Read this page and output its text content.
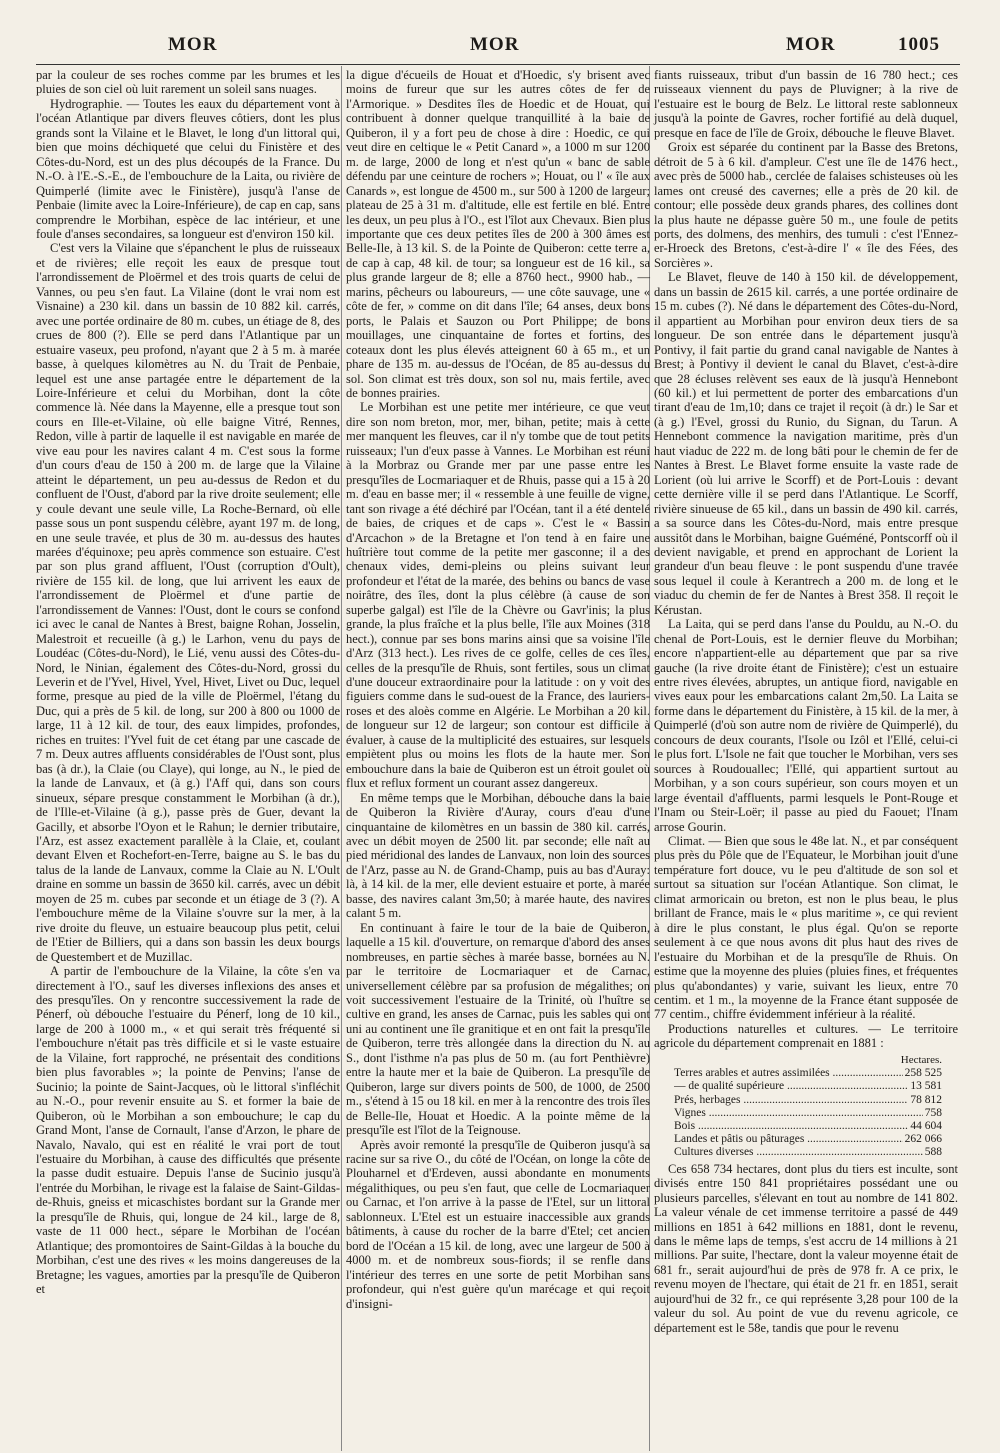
MOR	MOR	MOR	1005

par la couleur de ses roches comme par les brumes et les pluies de son ciel où luit rarement un soleil sans nuages.

Hydrographie. — Toutes les eaux du département vont à l'océan Atlantique par divers fleuves côtiers, dont les plus grands sont la Vilaine et le Blavet, le long d'un littoral qui, bien que moins déchiqueté que celui du Finistère et des Côtes-du-Nord, est un des plus découpés de la France. Du N.-O. à l'E.-S.-E., de l'embouchure de la Laita, ou rivière de Quimperlé (limite avec le Finistère), jusqu'à l'anse de Penbaie (limite avec la Loire-Inférieure), de cap en cap, sans comprendre le Morbihan, espèce de lac intérieur, et une foule d'anses secondaires, sa longueur est d'environ 150 kil.

C'est vers la Vilaine que s'épanchent le plus de ruisseaux et de rivières; elle reçoit les eaux de presque tout l'arrondissement de Ploërmel et des trois quarts de celui de Vannes, ou peu s'en faut. La Vilaine (dont le vrai nom est Visnaine) a 230 kil. dans un bassin de 10 882 kil. carrés, avec une portée ordinaire de 80 m. cubes, un étiage de 8, des crues de 800 (?). Elle se perd dans l'Atlantique par un estuaire vaseux, peu profond, n'ayant que 2 à 5 m. à marée basse, à quelques kilomètres au N. du Trait de Penbaie, lequel est une anse partagée entre le département de la Loire-Inférieure et celui du Morbihan, dont la côte commence là. Née dans la Mayenne, elle a presque tout son cours en Ille-et-Vilaine, où elle baigne Vitré, Rennes, Redon, ville à partir de laquelle il est navigable en marée de vive eau pour les navires calant 4 m. C'est sous la forme d'un cours d'eau de 150 à 200 m. de large que la Vilaine atteint le département, un peu au-dessus de Redon et du confluent de l'Oust, d'abord par la rive droite seulement; elle y coule devant une seule ville, La Roche-Bernard, où elle passe sous un pont suspendu célèbre, ayant 197 m. de long, en une seule travée, et plus de 30 m. au-dessus des hautes marées d'équinoxe; peu après commence son estuaire. C'est par son plus grand affluent, l'Oust (corruption d'Oult), rivière de 155 kil. de long, que lui arrivent les eaux de l'arrondissement de Ploërmel et d'une partie de l'arrondissement de Vannes: l'Oust, dont le cours se confond ici avec le canal de Nantes à Brest, baigne Rohan, Josselin, Malestroit et recueille (à g.) le Larhon, venu du pays de Loudéac (Côtes-du-Nord), le Lié, venu aussi des Côtes-du-Nord, le Ninian, également des Côtes-du-Nord, grossi du Leverin et de l'Yvel, Hivel, Yvel, Hivet, Livet ou Duc, lequel forme, presque au pied de la ville de Ploërmel, l'étang du Duc, qui a près de 5 kil. de long, sur 200 à 800 ou 1000 de large, 11 à 12 kil. de tour, des eaux limpides, profondes, riches en truites: l'Yvel fuit de cet étang par une cascade de 7 m. Deux autres affluents considérables de l'Oust sont, plus bas (à dr.), la Claie (ou Claye), qui longe, au N., le pied de la lande de Lanvaux, et (à g.) l'Aff qui, dans son cours sinueux, sépare presque constamment le Morbihan (à dr.), de l'Ille-et-Vilaine (à g.), passe près de Guer, devant la Gacilly, et absorbe l'Oyon et le Rahun; le dernier tributaire, l'Arz, est assez exactement parallèle à la Claie, et, coulant devant Elven et Rochefort-en-Terre, baigne au S. le bas du talus de la lande de Lanvaux, comme la Claie au N. L'Oult draine en somme un bassin de 3650 kil. carrés, avec un débit moyen de 25 m. cubes par seconde et un étiage de 3 (?). A l'embouchure même de la Vilaine s'ouvre sur la mer, à la rive droite du fleuve, un estuaire beaucoup plus petit, celui de l'Etier de Billiers, qui a dans son bassin les deux bourgs de Questembert et de Muzillac.

A partir de l'embouchure de la Vilaine, la côte s'en va directement à l'O., sauf les diverses inflexions des anses et des presqu'îles. On y rencontre successivement la rade de Pénerf, où débouche l'estuaire du Pénerf, long de 10 kil., large de 200 à 1000 m., « et qui serait très fréquenté si l'embouchure n'était pas très difficile et si le vaste estuaire de la Vilaine, fort rapproché, ne présentait des conditions bien plus favorables »; la pointe de Penvins; l'anse de Sucinio; la pointe de Saint-Jacques, où le littoral s'infléchit au N.-O., pour revenir ensuite au S. et former la baie de Quiberon, où le Morbihan a son embouchure; le cap du Grand Mont, l'anse de Cornault, l'anse d'Arzon, le phare de Navalo, Navalo, qui est en réalité le vrai port de tout l'estuaire du Morbihan, à cause des difficultés que présente la passe dudit estuaire. Depuis l'anse de Sucinio jusqu'à l'entrée du Morbihan, le rivage est la falaise de Saint-Gildas-de-Rhuis, gneiss et micaschistes bordant sur la Grande mer la presqu'île de Rhuis, qui, longue de 24 kil., large de 8, vaste de 11 000 hect., sépare le Morbihan de l'océan Atlantique; des promontoires de Saint-Gildas à la bouche du Morbihan, c'est une des rives « les moins dangereuses de la Bretagne; les vagues, amorties par la presqu'île de Quiberon et

la digue d'écueils de Houat et d'Hoedic, s'y brisent avec moins de fureur que sur les autres côtes de fer de l'Armorique. » Desdites îles de Hoedic et de Houat, qui contribuent à donner quelque tranquillité à la baie de Quiberon, il y a fort peu de chose à dire : Hoedic, ce qui veut dire en celtique le « Petit Canard », a 1000 m sur 1200 m. de large, 2000 de long et n'est qu'un « banc de sable défendu par une ceinture de rochers »; Houat, ou l' « île aux Canards », est longue de 4500 m., sur 500 à 1200 de largeur; plateau de 25 à 31 m. d'altitude, elle est fertile en blé. Entre les deux, un peu plus à l'O., est l'îlot aux Chevaux. Bien plus importante que ces deux petites îles de 200 à 300 âmes est Belle-Ile, à 13 kil. S. de la Pointe de Quiberon: cette terre a, de cap à cap, 48 kil. de tour; sa longueur est de 16 kil., sa plus grande largeur de 8; elle a 8760 hect., 9900 hab., — marins, pêcheurs ou laboureurs, — une côte sauvage, une « côte de fer, » comme on dit dans l'île; 64 anses, deux bons ports, le Palais et Sauzon ou Port Philippe; de bons mouillages, une cinquantaine de fortes et fortins, des coteaux dont les plus élevés atteignent 60 à 65 m., et un phare de 135 m. au-dessus de l'Océan, de 85 au-dessus du sol. Son climat est très doux, son sol nu, mais fertile, avec de bonnes prairies.

Le Morbihan est une petite mer intérieure, ce que veut dire son nom breton, mor, mer, bihan, petite; mais à cette mer manquent les fleuves, car il n'y tombe que de tout petits ruisseaux; l'un d'eux passe à Vannes. Le Morbihan est réuni à la Morbraz ou Grande mer par une passe entre les presqu'îles de Locmariaquer et de Rhuis, passe qui a 15 à 20 m. d'eau en basse mer; il « ressemble à une feuille de vigne, tant son rivage a été déchiré par l'Océan, tant il a été dentelé de baies, de criques et de caps ». C'est le « Bassin d'Arcachon » de la Bretagne et l'on tend à en faire une huîtrière tout comme de la petite mer gasconne; il a des chenaux vides, demi-pleins ou pleins suivant leur profondeur et l'état de la marée, des behins ou bancs de vase noirâtre, des îles, dont la plus célèbre (à cause de son superbe galgal) est l'île de la Chèvre ou Gavr'inis; la plus grande, la plus fraîche et la plus belle, l'île aux Moines (318 hect.), connue par ses bons marins ainsi que sa voisine l'île d'Arz (313 hect.). Les rives de ce golfe, celles de ces îles, celles de la presqu'île de Rhuis, sont fertiles, sous un climat d'une douceur extraordinaire pour la latitude : on y voit des figuiers comme dans le sud-ouest de la France, des lauriers-roses et des aloès comme en Algérie. Le Morbihan a 20 kil. de longueur sur 12 de largeur; son contour est difficile à évaluer, à cause de la multiplicité des estuaires, sur lesquels empiètent plus ou moins les flots de la haute mer. Son embouchure dans la baie de Quiberon est un étroit goulet où flux et reflux forment un courant assez dangereux.

En même temps que le Morbihan, débouche dans la baie de Quiberon la Rivière d'Auray, cours d'eau d'une cinquantaine de kilomètres en un bassin de 380 kil. carrés, avec un débit moyen de 2500 lit. par seconde; elle naît au pied méridional des landes de Lanvaux, non loin des sources de l'Arz, passe au N. de Grand-Champ, puis au bas d'Auray: là, à 14 kil. de la mer, elle devient estuaire et porte, à marée basse, des navires calant 3m,50; à marée haute, des navires calant 5 m.

En continuant à faire le tour de la baie de Quiberon, laquelle a 15 kil. d'ouverture, on remarque d'abord des anses nombreuses, en partie sèches à marée basse, bornées au N. par le territoire de Locmariaquer et de Carnac, universellement célèbre par sa profusion de mégalithes; on voit successivement l'estuaire de la Trinité, où l'huître se cultive en grand, les anses de Carnac, puis les sables qui ont uni au continent une île granitique et en ont fait la presqu'île de Quiberon, terre très allongée dans la direction du N. au S., dont l'isthme n'a pas plus de 50 m. (au fort Penthièvre) entre la haute mer et la baie de Quiberon. La presqu'île de Quiberon, large sur divers points de 500, de 1000, de 2500 m., s'étend à 15 ou 18 kil. en mer à la rencontre des trois îles de Belle-Ile, Houat et Hoedic. A la pointe même de la presqu'île est l'îlot de la Teignouse.

Après avoir remonté la presqu'île de Quiberon jusqu'à sa racine sur sa rive O., du côté de l'Océan, on longe la côte de Plouharnel et d'Erdeven, aussi abondante en monuments mégalithiques, ou peu s'en faut, que celle de Locmariaquer ou Carnac, et l'on arrive à la passe de l'Etel, sur un littoral sablonneux. L'Etel est un estuaire inaccessible aux grands bâtiments, à cause du rocher de la barre d'Etel; cet ancien bord de l'Océan a 15 kil. de long, avec une largeur de 500 à 4000 m. et de nombreux sous-fiords; il se renfle dans l'intérieur des terres en une sorte de petit Morbihan sans profondeur, qui n'est guère qu'un marécage et qui reçoit d'insigni-

fiants ruisseaux, tribut d'un bassin de 16 780 hect.; ces ruisseaux viennent du pays de Pluvigner; à la rive de l'estuaire est le bourg de Belz. Le littoral reste sablonneux jusqu'à la pointe de Gavres, rocher fortifié au delà duquel, presque en face de l'île de Groix, débouche le fleuve Blavet.

Groix est séparée du continent par la Basse des Bretons, détroit de 5 à 6 kil. d'ampleur. C'est une île de 1476 hect., avec près de 5000 hab., cerclée de falaises schisteuses où les lames ont creusé des cavernes; elle a près de 20 kil. de contour; elle possède deux grands phares, des collines dont la plus haute ne dépasse guère 50 m., une foule de petits ports, des dolmens, des menhirs, des tumuli : c'est l'Ennez-er-Hroeck des Bretons, c'est-à-dire l' « île des Fées, des Sorcières ».

Le Blavet, fleuve de 140 à 150 kil. de développement, dans un bassin de 2615 kil. carrés, a une portée ordinaire de 15 m. cubes (?). Né dans le département des Côtes-du-Nord, il appartient au Morbihan pour environ deux tiers de sa longueur. De son entrée dans le département jusqu'à Pontivy, il fait partie du grand canal navigable de Nantes à Brest; à Pontivy il devient le canal du Blavet, c'est-à-dire que 28 écluses relèvent ses eaux de là jusqu'à Hennebont (60 kil.) et lui permettent de porter des embarcations d'un tirant d'eau de 1m,10; dans ce trajet il reçoit (à dr.) le Sar et (à g.) l'Evel, grossi du Runio, du Signan, du Tarun. A Hennebont commence la navigation maritime, près d'un haut viaduc de 222 m. de long bâti pour le chemin de fer de Nantes à Brest. Le Blavet forme ensuite la vaste rade de Lorient (où lui arrive le Scorff) et de Port-Louis : devant cette dernière ville il se perd dans l'Atlantique. Le Scorff, rivière sinueuse de 65 kil., dans un bassin de 490 kil. carrés, a sa source dans les Côtes-du-Nord, mais entre presque aussitôt dans le Morbihan, baigne Guéméné, Pontscorff où il devient navigable, et prend en approchant de Lorient la grandeur d'un beau fleuve : le pont suspendu d'une travée sous lequel il coule à Kerantrech a 200 m. de long et le viaduc du chemin de fer de Nantes à Brest 358. Il reçoit le Kérustan.

La Laita, qui se perd dans l'anse du Pouldu, au N.-O. du chenal de Port-Louis, est le dernier fleuve du Morbihan; encore n'appartient-elle au département que par sa rive gauche (la rive droite étant de Finistère); c'est un estuaire entre rives élevées, abruptes, un antique fiord, navigable en vives eaux pour les embarcations calant 2m,50. La Laita se forme dans le département du Finistère, à 15 kil. de la mer, à Quimperlé (d'où son autre nom de rivière de Quimperlé), du concours de deux courants, l'Isole ou Izôl et l'Ellé, celui-ci le plus fort. L'Isole ne fait que toucher le Morbihan, vers ses sources à Roudouallec; l'Ellé, qui appartient surtout au Morbihan, y a son cours supérieur, son cours moyen et un large éventail d'affluents, parmi lesquels le Pont-Rouge et l'Inam ou Steir-Loër; il passe au pied du Faouet; l'Inam arrose Gourin.

Climat. — Bien que sous le 48e lat. N., et par conséquent plus près du Pôle que de l'Equateur, le Morbihan jouit d'une température fort douce, vu le peu d'altitude de son sol et surtout sa situation sur l'océan Atlantique. Son climat, le climat armoricain ou breton, est non le plus beau, le plus brillant de France, mais le « plus maritime », ce qui revient à dire le plus constant, le plus égal. Qu'on se reporte seulement à ce que nous avons dit plus haut des rives de l'estuaire du Morbihan et de la presqu'île de Rhuis. On estime que la moyenne des pluies (pluies fines, et fréquentes plus qu'abondantes) y varie, suivant les lieux, entre 70 centim. et 1 m., la moyenne de la France étant supposée de 77 centim., chiffre évidemment inférieur à la réalité.

Productions naturelles et cultures. — Le territoire agricole du département comprenait en 1881 :

Hectares.
Terres arables et autres assimilées .....	258 525
— de qualité supérieure .....	13 581
Prés, herbages .....	78 812
Vignes .....	758
Bois .....	44 604
Landes et pâtis ou pâturages .....	262 066
Cultures diverses .....	588

Ces 658 734 hectares, dont plus du tiers est inculte, sont divisés entre 150 841 propriétaires possédant une ou plusieurs parcelles, s'élevant en tout au nombre de 141 802. La valeur vénale de cet immense territoire a passé de 449 millions en 1851 à 642 millions en 1881, dont le revenu, dans le même laps de temps, s'est accru de 14 millions à 21 millions. Par suite, l'hectare, dont la valeur moyenne était de 681 fr., serait aujourd'hui de près de 978 fr. A ce prix, le revenu moyen de l'hectare, qui était de 21 fr. en 1851, serait aujourd'hui de 32 fr., ce qui représente 3,28 pour 100 de la valeur du sol. Au point de vue du revenu agricole, ce département est le 58e, tandis que pour le revenu
